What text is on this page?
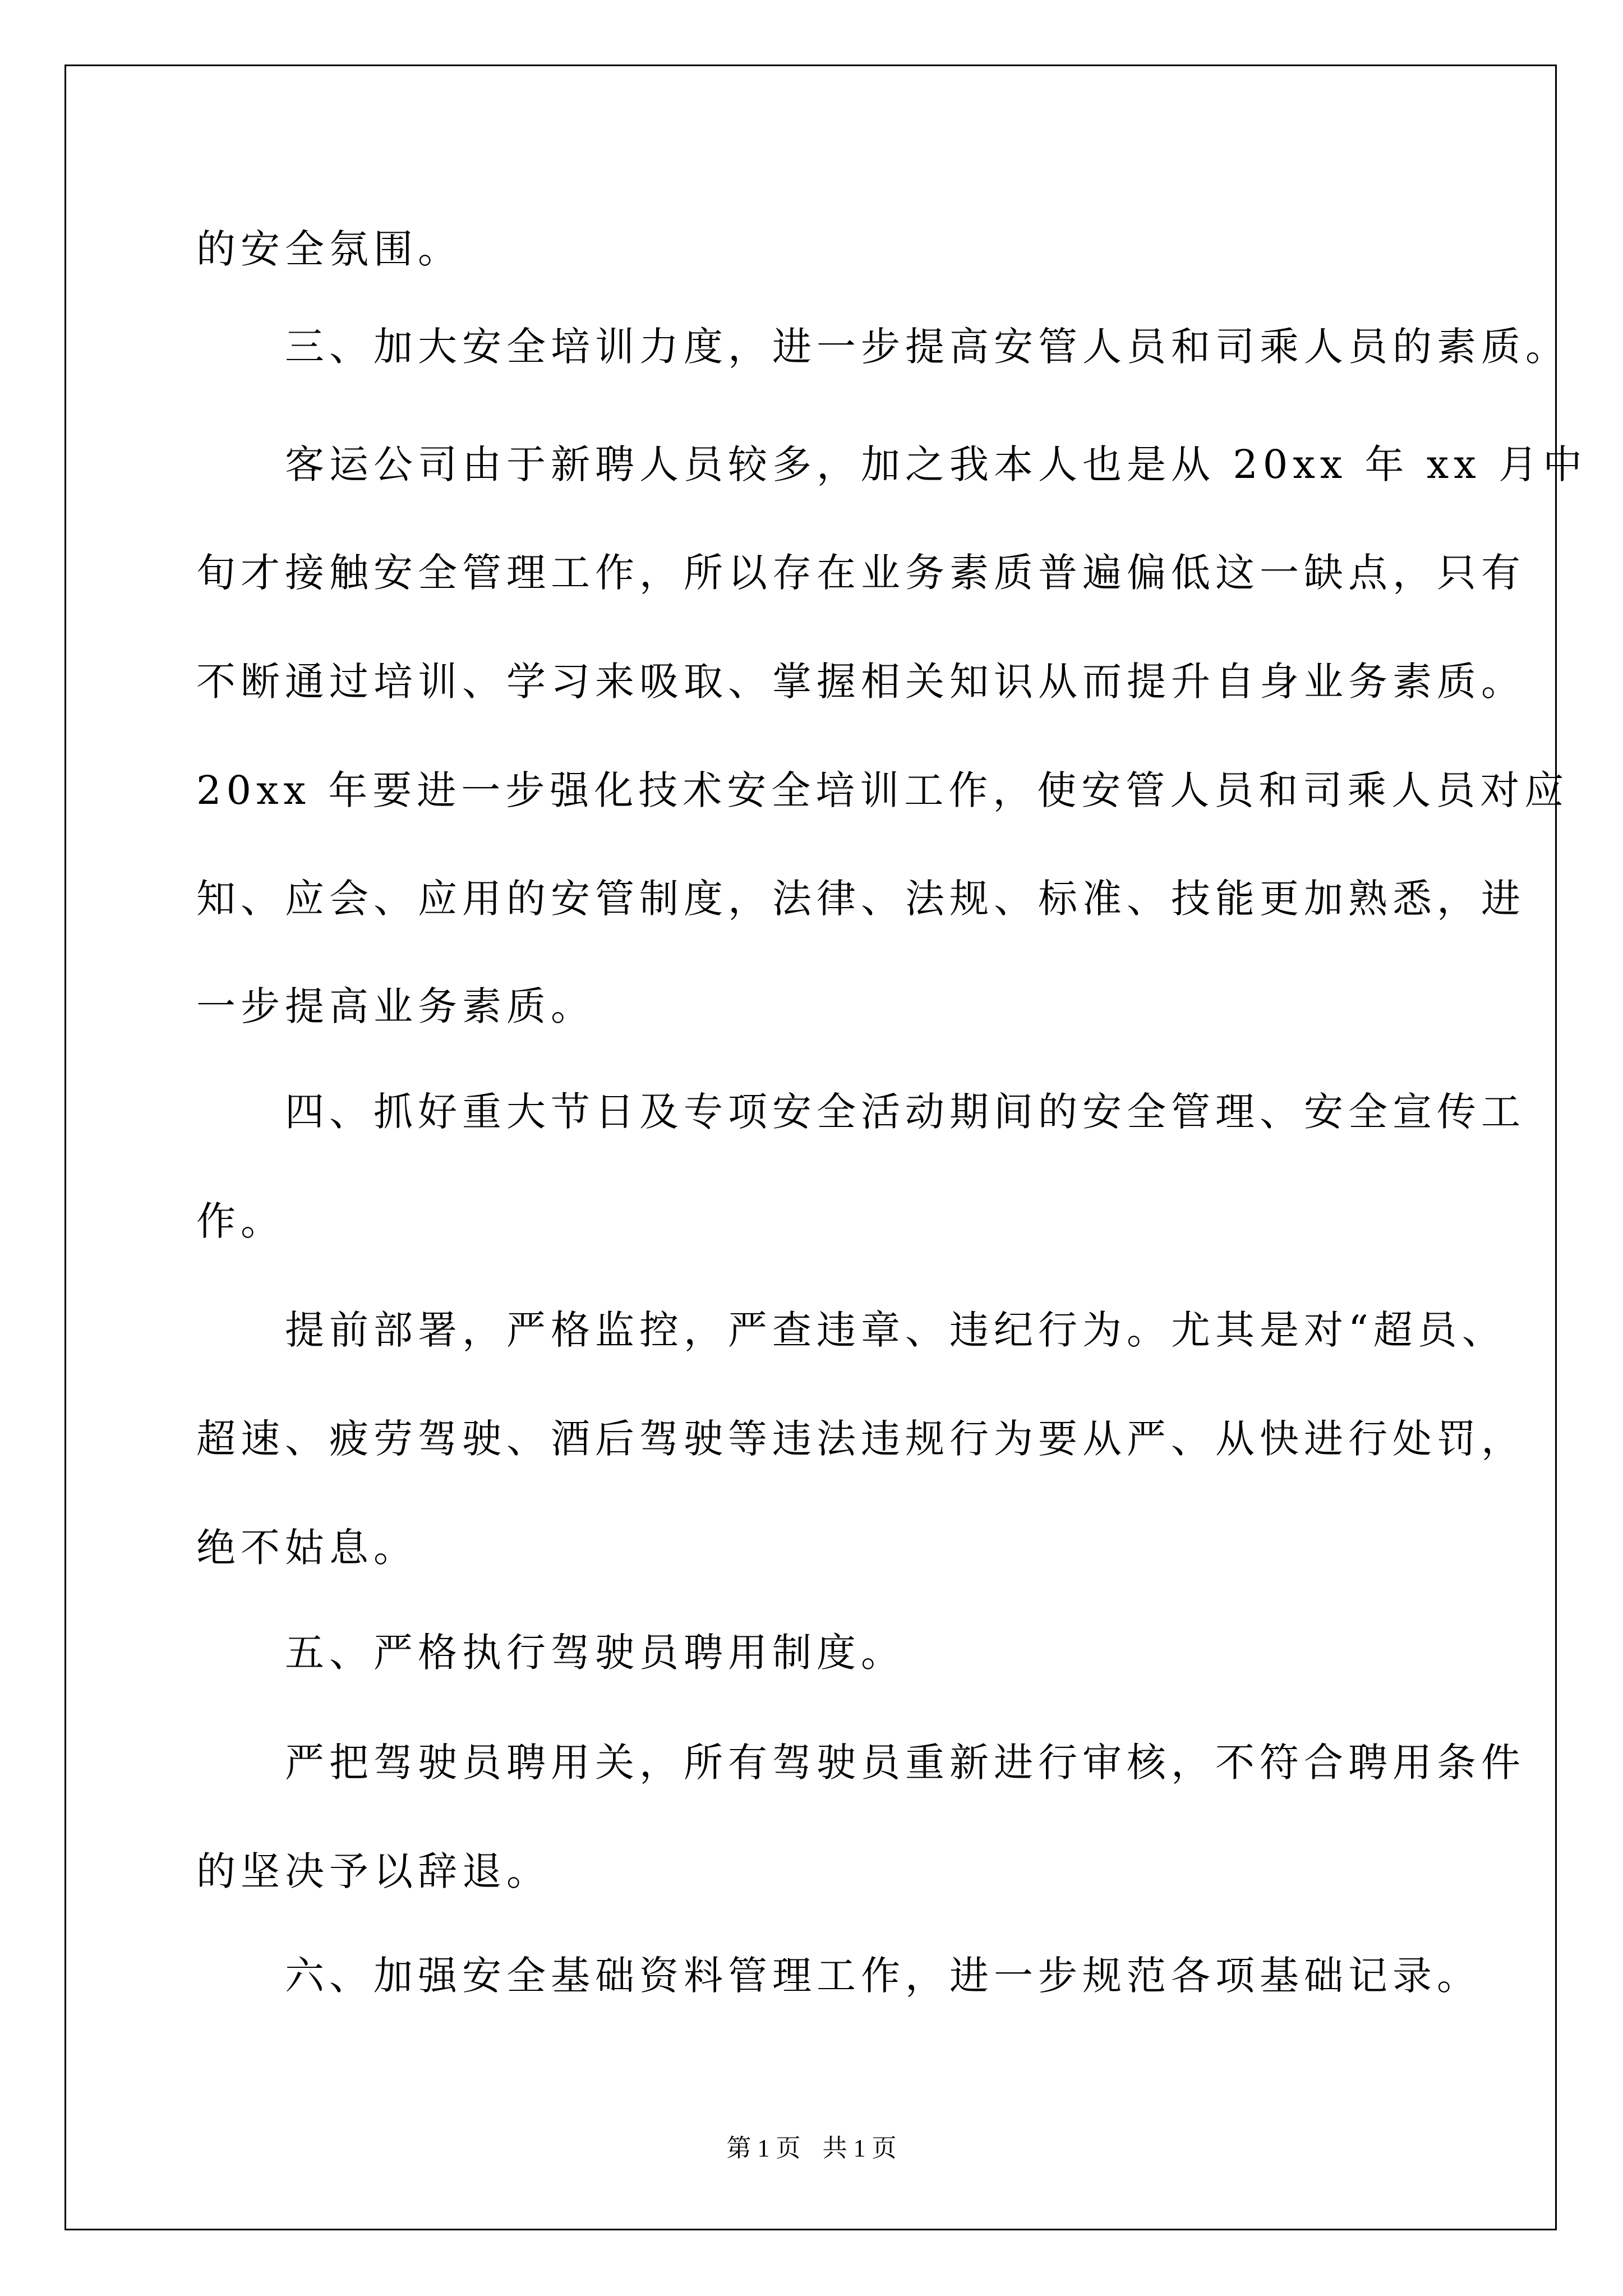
的安全氛围。

　　三、加大安全培训力度，进一步提高安管人员和司乘人员的素质。

　　客运公司由于新聘人员较多，加之我本人也是从 20xx 年 xx 月中

旬才接触安全管理工作，所以存在业务素质普遍偏低这一缺点，只有

不断通过培训、学习来吸取、掌握相关知识从而提升自身业务素质。

20xx 年要进一步强化技术安全培训工作，使安管人员和司乘人员对应

知、应会、应用的安管制度，法律、法规、标准、技能更加熟悉，进

一步提高业务素质。

　　四、抓好重大节日及专项安全活动期间的安全管理、安全宣传工

作。

　　提前部署，严格监控，严查违章、违纪行为。尤其是对“超员、

超速、疲劳驾驶、酒后驾驶等违法违规行为要从严、从快进行处罚，

绝不姑息。

　　五、严格执行驾驶员聘用制度。

　　严把驾驶员聘用关，所有驾驶员重新进行审核，不符合聘用条件

的坚决予以辞退。

　　六、加强安全基础资料管理工作，进一步规范各项基础记录。

第 1 页 共 1 页
